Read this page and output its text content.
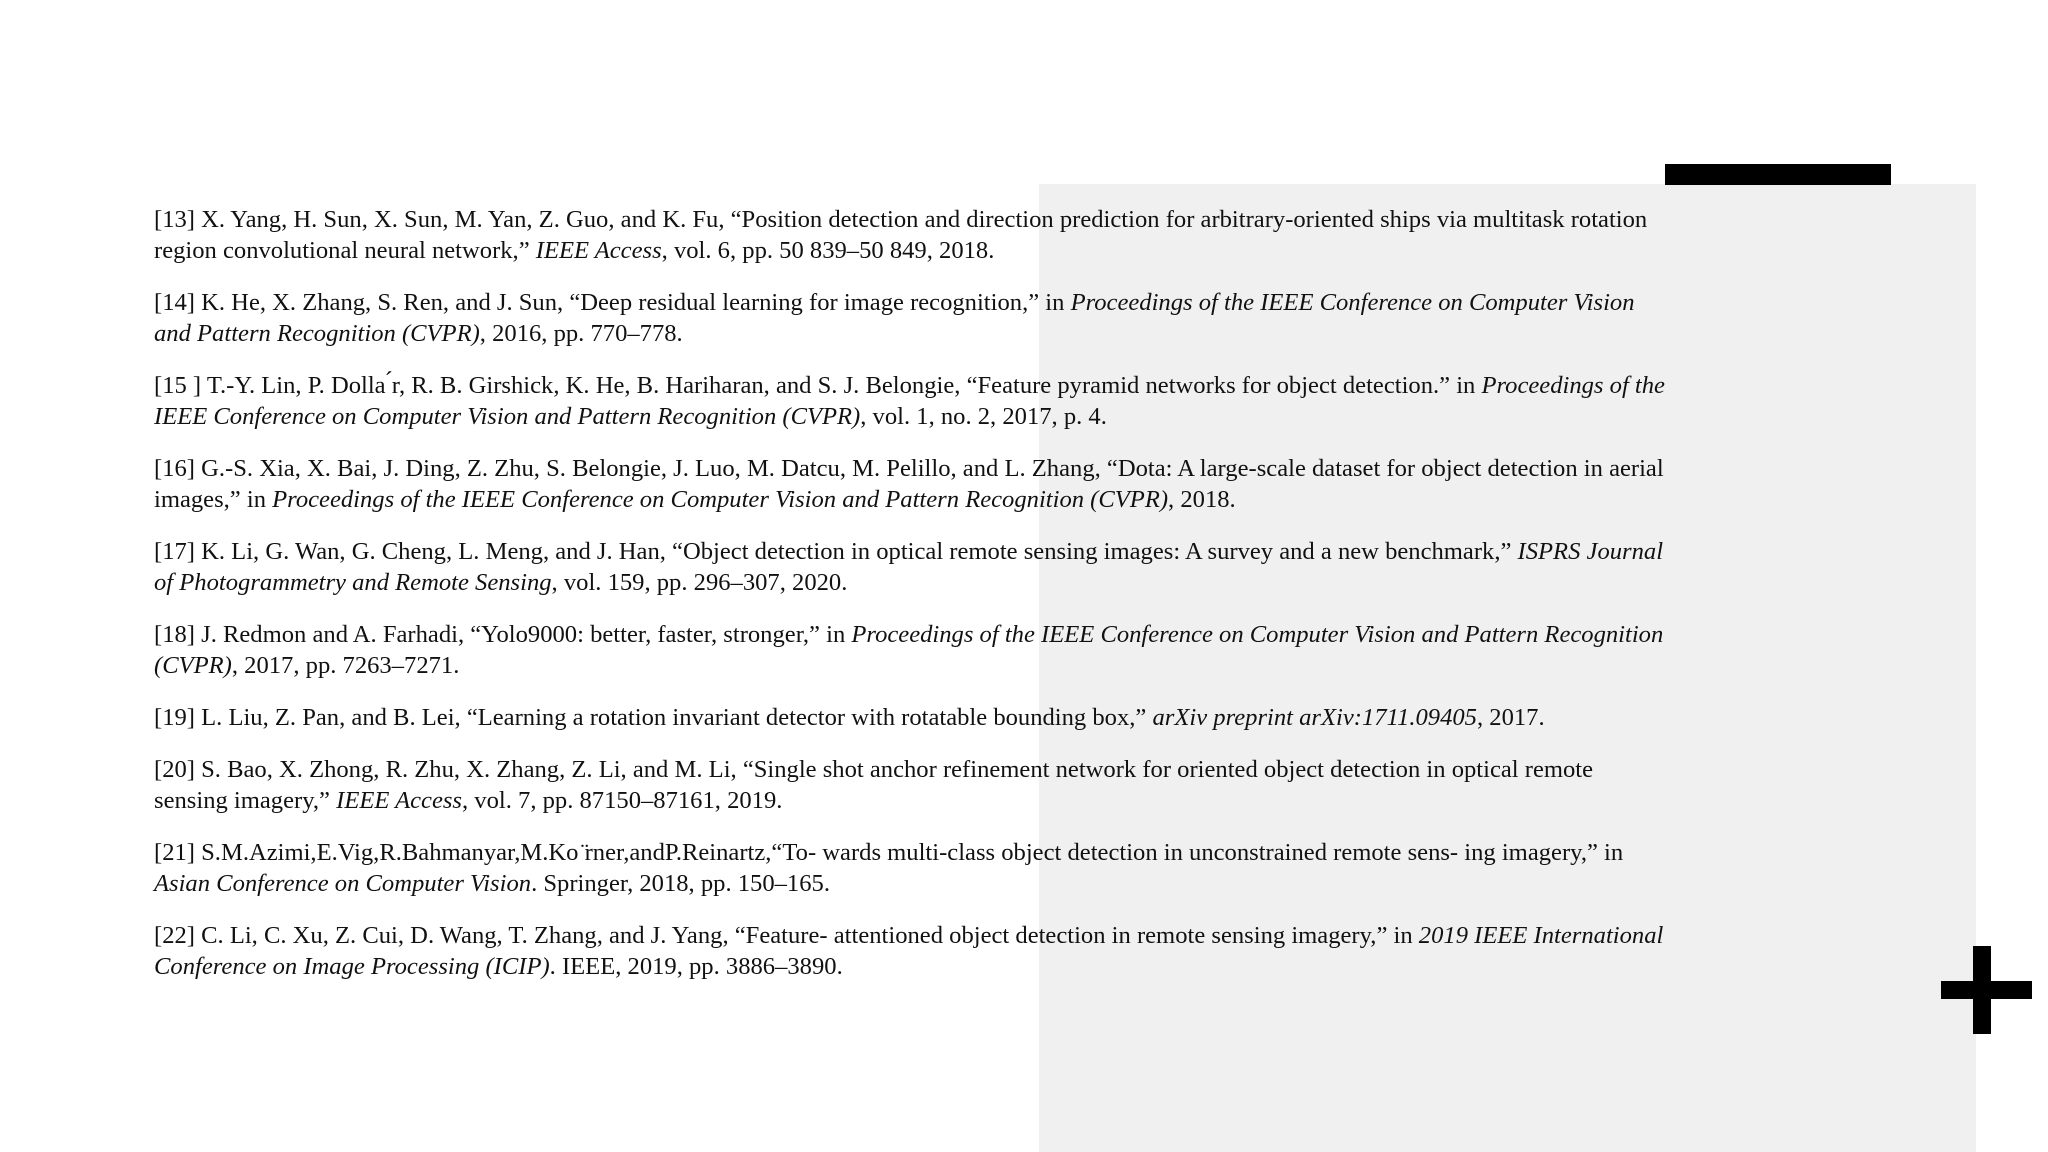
[13] X. Yang, H. Sun, X. Sun, M. Yan, Z. Guo, and K. Fu, “Position detection and direction prediction for arbitrary-oriented ships via multitask rotation region convolutional neural network,” IEEE Access, vol. 6, pp. 50 839–50 849, 2018.

[14] K. He, X. Zhang, S. Ren, and J. Sun, “Deep residual learning for image recognition,” in Proceedings of the IEEE Conference on Computer Vision and Pattern Recognition (CVPR), 2016, pp. 770–778.

[15 ] T.-Y. Lin, P. Dolla ́r, R. B. Girshick, K. He, B. Hariharan, and S. J. Belongie, “Feature pyramid networks for object detection.” in Proceedings of the IEEE Conference on Computer Vision and Pattern Recognition (CVPR), vol. 1, no. 2, 2017, p. 4.

[16] G.-S. Xia, X. Bai, J. Ding, Z. Zhu, S. Belongie, J. Luo, M. Datcu, M. Pelillo, and L. Zhang, “Dota: A large-scale dataset for object detection in aerial images,” in Proceedings of the IEEE Conference on Computer Vision and Pattern Recognition (CVPR), 2018.

[17] K. Li, G. Wan, G. Cheng, L. Meng, and J. Han, “Object detection in optical remote sensing images: A survey and a new benchmark,” ISPRS Journal of Photogrammetry and Remote Sensing, vol. 159, pp. 296–307, 2020.

[18] J. Redmon and A. Farhadi, “Yolo9000: better, faster, stronger,” in Proceedings of the IEEE Conference on Computer Vision and Pattern Recognition (CVPR), 2017, pp. 7263–7271.

[19] L. Liu, Z. Pan, and B. Lei, “Learning a rotation invariant detector with rotatable bounding box,” arXiv preprint arXiv:1711.09405, 2017.

[20] S. Bao, X. Zhong, R. Zhu, X. Zhang, Z. Li, and M. Li, “Single shot anchor refinement network for oriented object detection in optical remote sensing imagery,” IEEE Access, vol. 7, pp. 87150–87161, 2019.

[21] S.M.Azimi,E.Vig,R.Bahmanyar,M.Ko ̈rner,andP.Reinartz,“To- wards multi-class object detection in unconstrained remote sens- ing imagery,” in Asian Conference on Computer Vision. Springer, 2018, pp. 150–165.

[22] C. Li, C. Xu, Z. Cui, D. Wang, T. Zhang, and J. Yang, “Feature- attentioned object detection in remote sensing imagery,” in 2019 IEEE International Conference on Image Processing (ICIP). IEEE, 2019, pp. 3886–3890.
